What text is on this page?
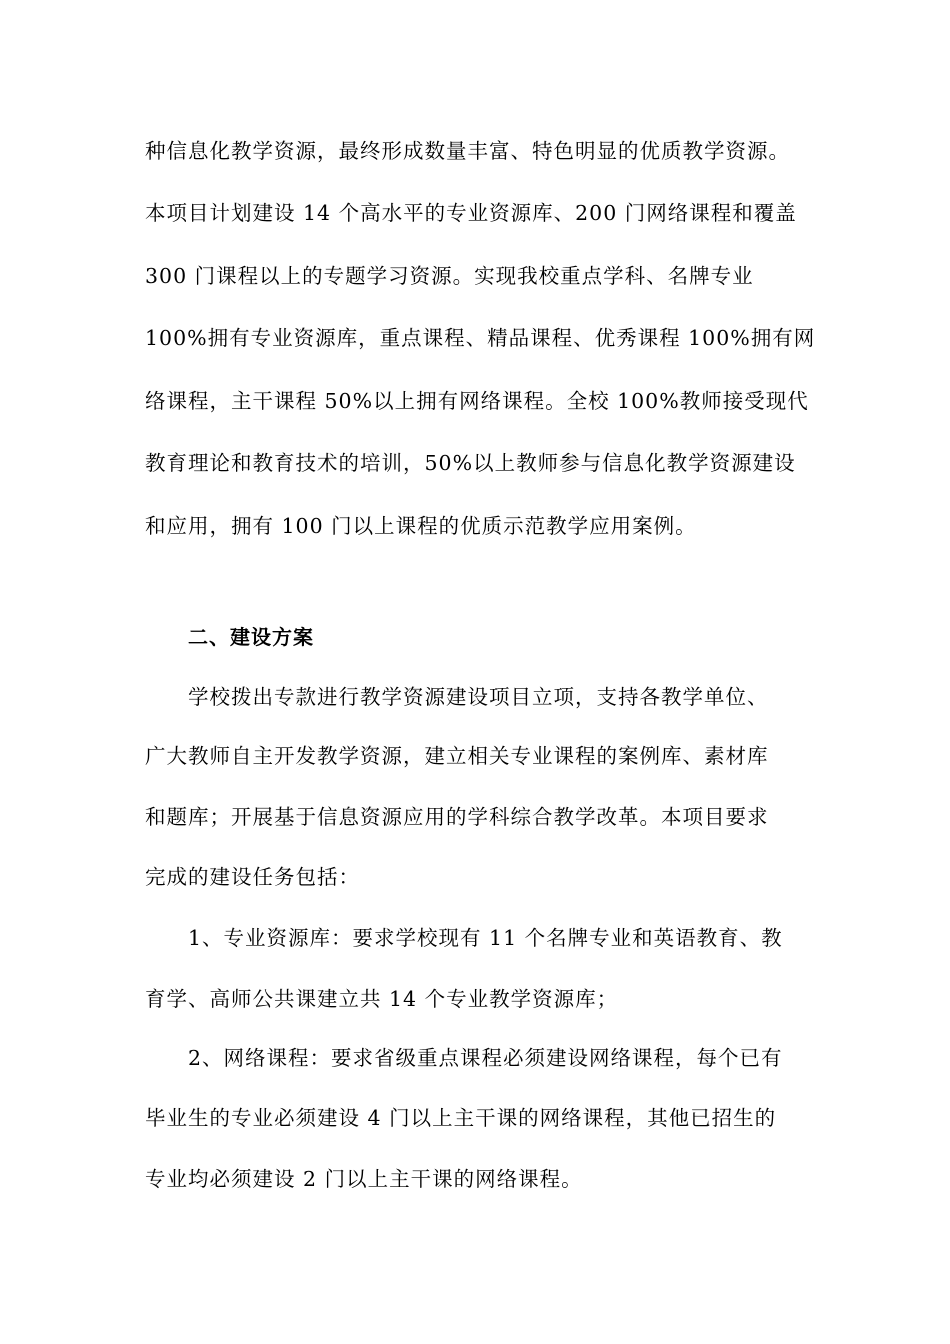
种信息化教学资源，最终形成数量丰富、特色明显的优质教学资源。
本项目计划建设 14 个高水平的专业资源库、200 门网络课程和覆盖
300 门课程以上的专题学习资源。实现我校重点学科、名牌专业
100%拥有专业资源库，重点课程、精品课程、优秀课程 100%拥有网
络课程，主干课程 50%以上拥有网络课程。全校 100%教师接受现代
教育理论和教育技术的培训，50%以上教师参与信息化教学资源建设
和应用，拥有 100 门以上课程的优质示范教学应用案例。
二、建设方案
学校拨出专款进行教学资源建设项目立项，支持各教学单位、
广大教师自主开发教学资源，建立相关专业课程的案例库、素材库
和题库；开展基于信息资源应用的学科综合教学改革。本项目要求
完成的建设任务包括：
1、专业资源库：要求学校现有 11 个名牌专业和英语教育、教
育学、高师公共课建立共 14 个专业教学资源库；
2、网络课程：要求省级重点课程必须建设网络课程，每个已有
毕业生的专业必须建设 4 门以上主干课的网络课程，其他已招生的
专业均必须建设 2 门以上主干课的网络课程。
